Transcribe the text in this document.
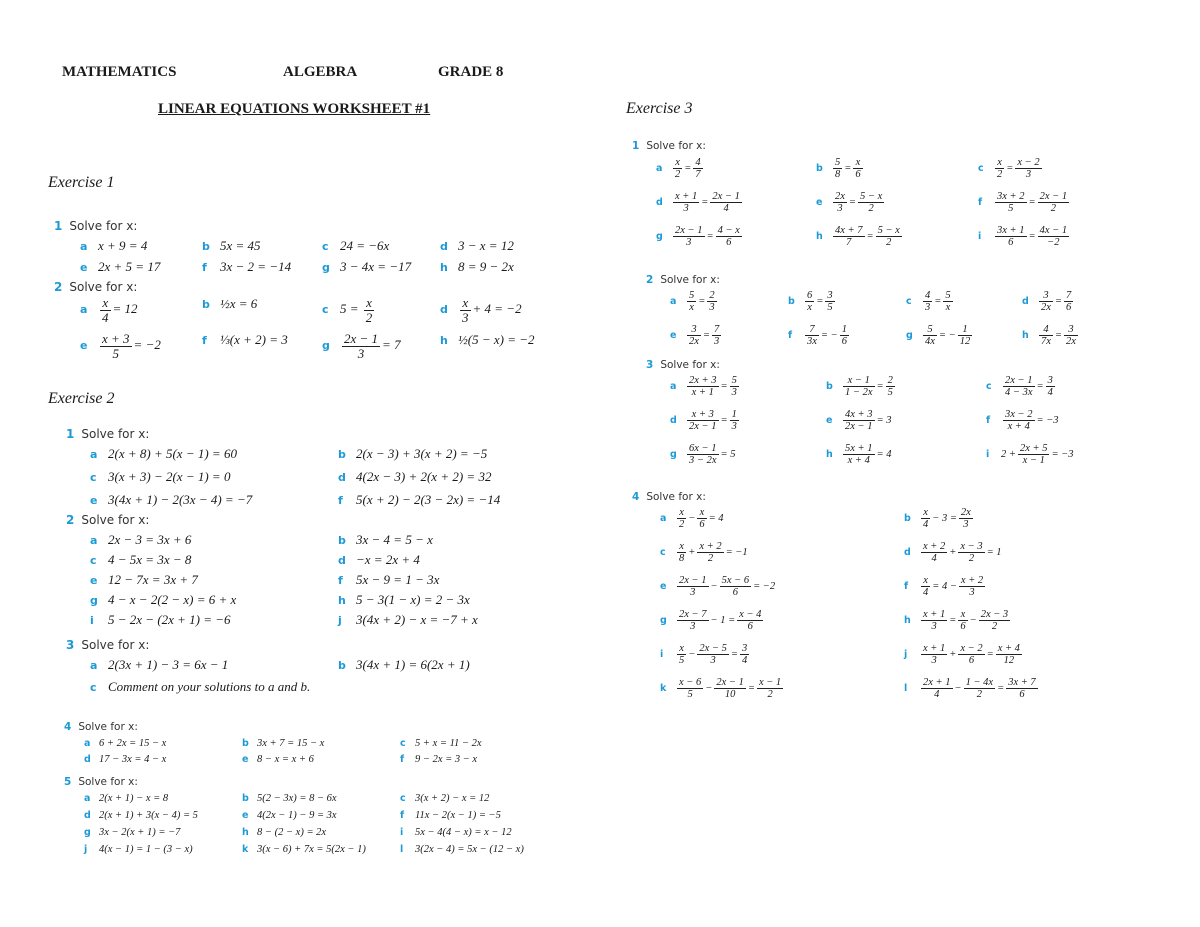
MATHEMATICS	ALGEBRA	GRADE 8
LINEAR EQUATIONS WORKSHEET #1
Exercise 1
Exercise 2
Exercise 3
1 Solve for x:
a x + 9 = 4	b 5x = 45	c 24 = −6x	d 3 − x = 12
e 2x + 5 = 17	f 3x − 2 = −14	g 3 − 4x = −17	h 8 = 9 − 2x
2 Solve for x:
a $\frac{x}{4} = 12$	b ½x = 6	c $5 = \frac{x}{2}$	d $\frac{x}{3} + 4 = -2$
e $\frac{x + 3}{5} = -2$	f ⅓(x + 2) = 3	g $\frac{2x - 1}{3} = 7$	h ½(5 − x) = −2
1 Solve for x:
a 2(x + 8) + 5(x − 1) = 60	b 2(x − 3) + 3(x + 2) = −5
c 3(x + 3) − 2(x − 1) = 0	d 4(2x − 3) + 2(x + 2) = 32
e 3(4x + 1) − 2(3x − 4) = −7	f 5(x + 2) − 2(3 − 2x) = −14
2 Solve for x:
a 2x − 3 = 3x + 6	b 3x − 4 = 5 − x
c 4 − 5x = 3x − 8	d −x = 2x + 4
e 12 − 7x = 3x + 7	f 5x − 9 = 1 − 3x
g 4 − x − 2(2 − x) = 6 + x	h 5 − 3(1 − x) = 2 − 3x
i 5 − 2x − (2x + 1) = −6	j 3(4x + 2) − x = −7 + x
3 Solve for x:
a 2(3x + 1) − 3 = 6x − 1	b 3(4x + 1) = 6(2x + 1)
c Comment on your solutions to a and b.
4 Solve for x:
a 6 + 2x = 15 − x	b 3x + 7 = 15 − x	c 5 + x = 11 − 2x
d 17 − 3x = 4 − x	e 8 − x = x + 6	f 9 − 2x = 3 − x
5 Solve for x:
a 2(x + 1) − x = 8	b 5(2 − 3x) = 8 − 6x	c 3(x + 2) − x = 12
d 2(x + 1) + 3(x − 4) = 5	e 4(2x − 1) − 9 = 3x	f 11x − 2(x − 1) = −5
g 3x − 2(x + 1) = −7	h 8 − (2 − x) = 2x	i 5x − 4(4 − x) = x − 12
j 4(x − 1) = 1 − (3 − x)	k 3(x − 6) + 7x = 5(2x − 1)	l 3(2x − 4) = 5x − (12 − x)
1 Solve for x:
a $\frac{x}{2} = \frac{4}{7}$	b $\frac{5}{8} = \frac{x}{6}$	c $\frac{x}{2} = \frac{x - 2}{3}$
d $\frac{x + 1}{3} = \frac{2x - 1}{4}$	e $\frac{2x}{3} = \frac{5 - x}{2}$	f $\frac{3x + 2}{5} = \frac{2x - 1}{2}$
g $\frac{2x - 1}{3} = \frac{4 - x}{6}$	h $\frac{4x + 7}{7} = \frac{5 - x}{2}$	i $\frac{3x + 1}{6} = \frac{4x - 1}{-2}$
2 Solve for x:
a $\frac{5}{x} = \frac{2}{3}$	b $\frac{6}{x} = \frac{3}{5}$	c $\frac{4}{3} = \frac{5}{x}$	d $\frac{3}{2x} = \frac{7}{6}$
e $\frac{3}{2x} = \frac{7}{3}$	f $\frac{7}{3x}$ = − $\frac{1}{6}$	g $\frac{5}{4x}$ = − $\frac{1}{12}$	h $\frac{4}{7x} = \frac{3}{2x}$
3 Solve for x:
a $\frac{2x + 3}{x + 1} = \frac{5}{3}$	b $\frac{x - 1}{1 - 2x} = \frac{2}{5}$	c $\frac{2x - 1}{4 - 3x} = \frac{3}{4}$
d $\frac{x + 3}{2x - 1} = \frac{1}{3}$	e $\frac{4x + 3}{2x - 1} = 3$	f $\frac{3x - 2}{x + 4} = -3$
g $\frac{6x - 1}{3 - 2x} = 5$	h $\frac{5x + 1}{x + 4} = 4$	i $2 + \frac{2x + 5}{x - 1} = -3$
4 Solve for x:
a $\frac{x}{2} - \frac{x}{6} = 4$	b $\frac{x}{4} - 3 = \frac{2x}{3}$
c $\frac{x}{8} + \frac{x + 2}{2} = -1$	d $\frac{x + 2}{4} + \frac{x - 3}{2} = 1$
e $\frac{2x - 1}{3} - \frac{5x - 6}{6} = -2$	f $\frac{x}{4} = 4 - \frac{x + 2}{3}$
g $\frac{2x - 7}{3} - 1 = \frac{x - 4}{6}$	h $\frac{x + 1}{3} = \frac{x}{6} - \frac{2x - 3}{2}$
i $\frac{x}{5} - \frac{2x - 5}{3} = \frac{3}{4}$	j $\frac{x + 1}{3} + \frac{x - 2}{6} = \frac{x + 4}{12}$
k $\frac{x - 6}{5} - \frac{2x - 1}{10} = \frac{x - 1}{2}$	l $\frac{2x + 1}{4} - \frac{1 - 4x}{2} = \frac{3x + 7}{6}$
